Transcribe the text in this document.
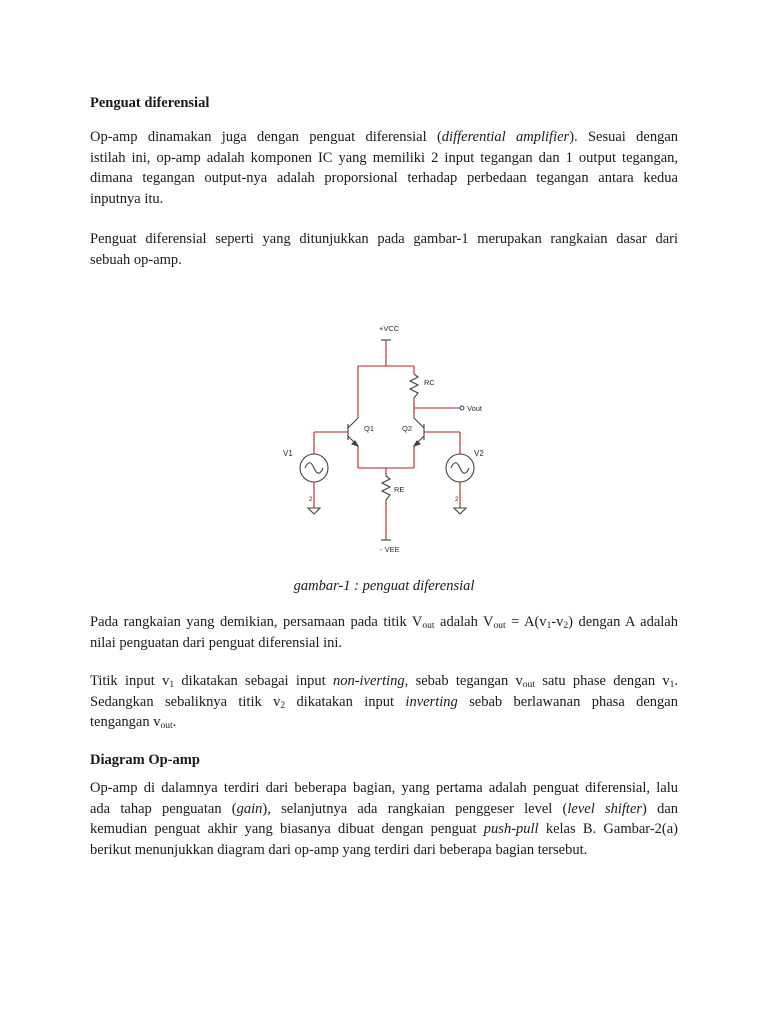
Penguat diferensial
Op-amp dinamakan juga dengan penguat diferensial (differential amplifier). Sesuai dengan
istilah ini, op-amp adalah komponen IC yang memiliki 2 input tegangan dan 1 output tegangan,
dimana tegangan output-nya adalah proporsional terhadap perbedaan tegangan antara kedua
inputnya itu.
Penguat diferensial seperti yang ditunjukkan pada gambar-1 merupakan rangkaian dasar dari
sebuah op-amp.
gambar-1 : penguat diferensial
Pada rangkaian yang demikian, persamaan pada titik $V_{out}$ adalah $V_{out} = A(v_1-v_2)$ dengan A adalah
nilai penguatan dari penguat diferensial ini.
Titik input $v_1$ dikatakan sebagai input non-iverting, sebab tegangan $v_{out}$ satu phase dengan $v_1$.
Sedangkan sebaliknya titik $v_2$ dikatakan input inverting sebab berlawanan phasa dengan
tengangan $v_{out}$.
Diagram Op-amp
Op-amp di dalamnya terdiri dari beberapa bagian, yang pertama adalah penguat diferensial, lalu
ada tahap penguatan (gain), selanjutnya ada rangkaian penggeser level (level shifter) dan
kemudian penguat akhir yang biasanya dibuat dengan penguat push-pull kelas B. Gambar-2(a)
berikut menunjukkan diagram dari op-amp yang terdiri dari beberapa bagian tersebut.
+VCC
RC
Vout
Q1	Q2
V1	V2
RE
- VEE
2	2
